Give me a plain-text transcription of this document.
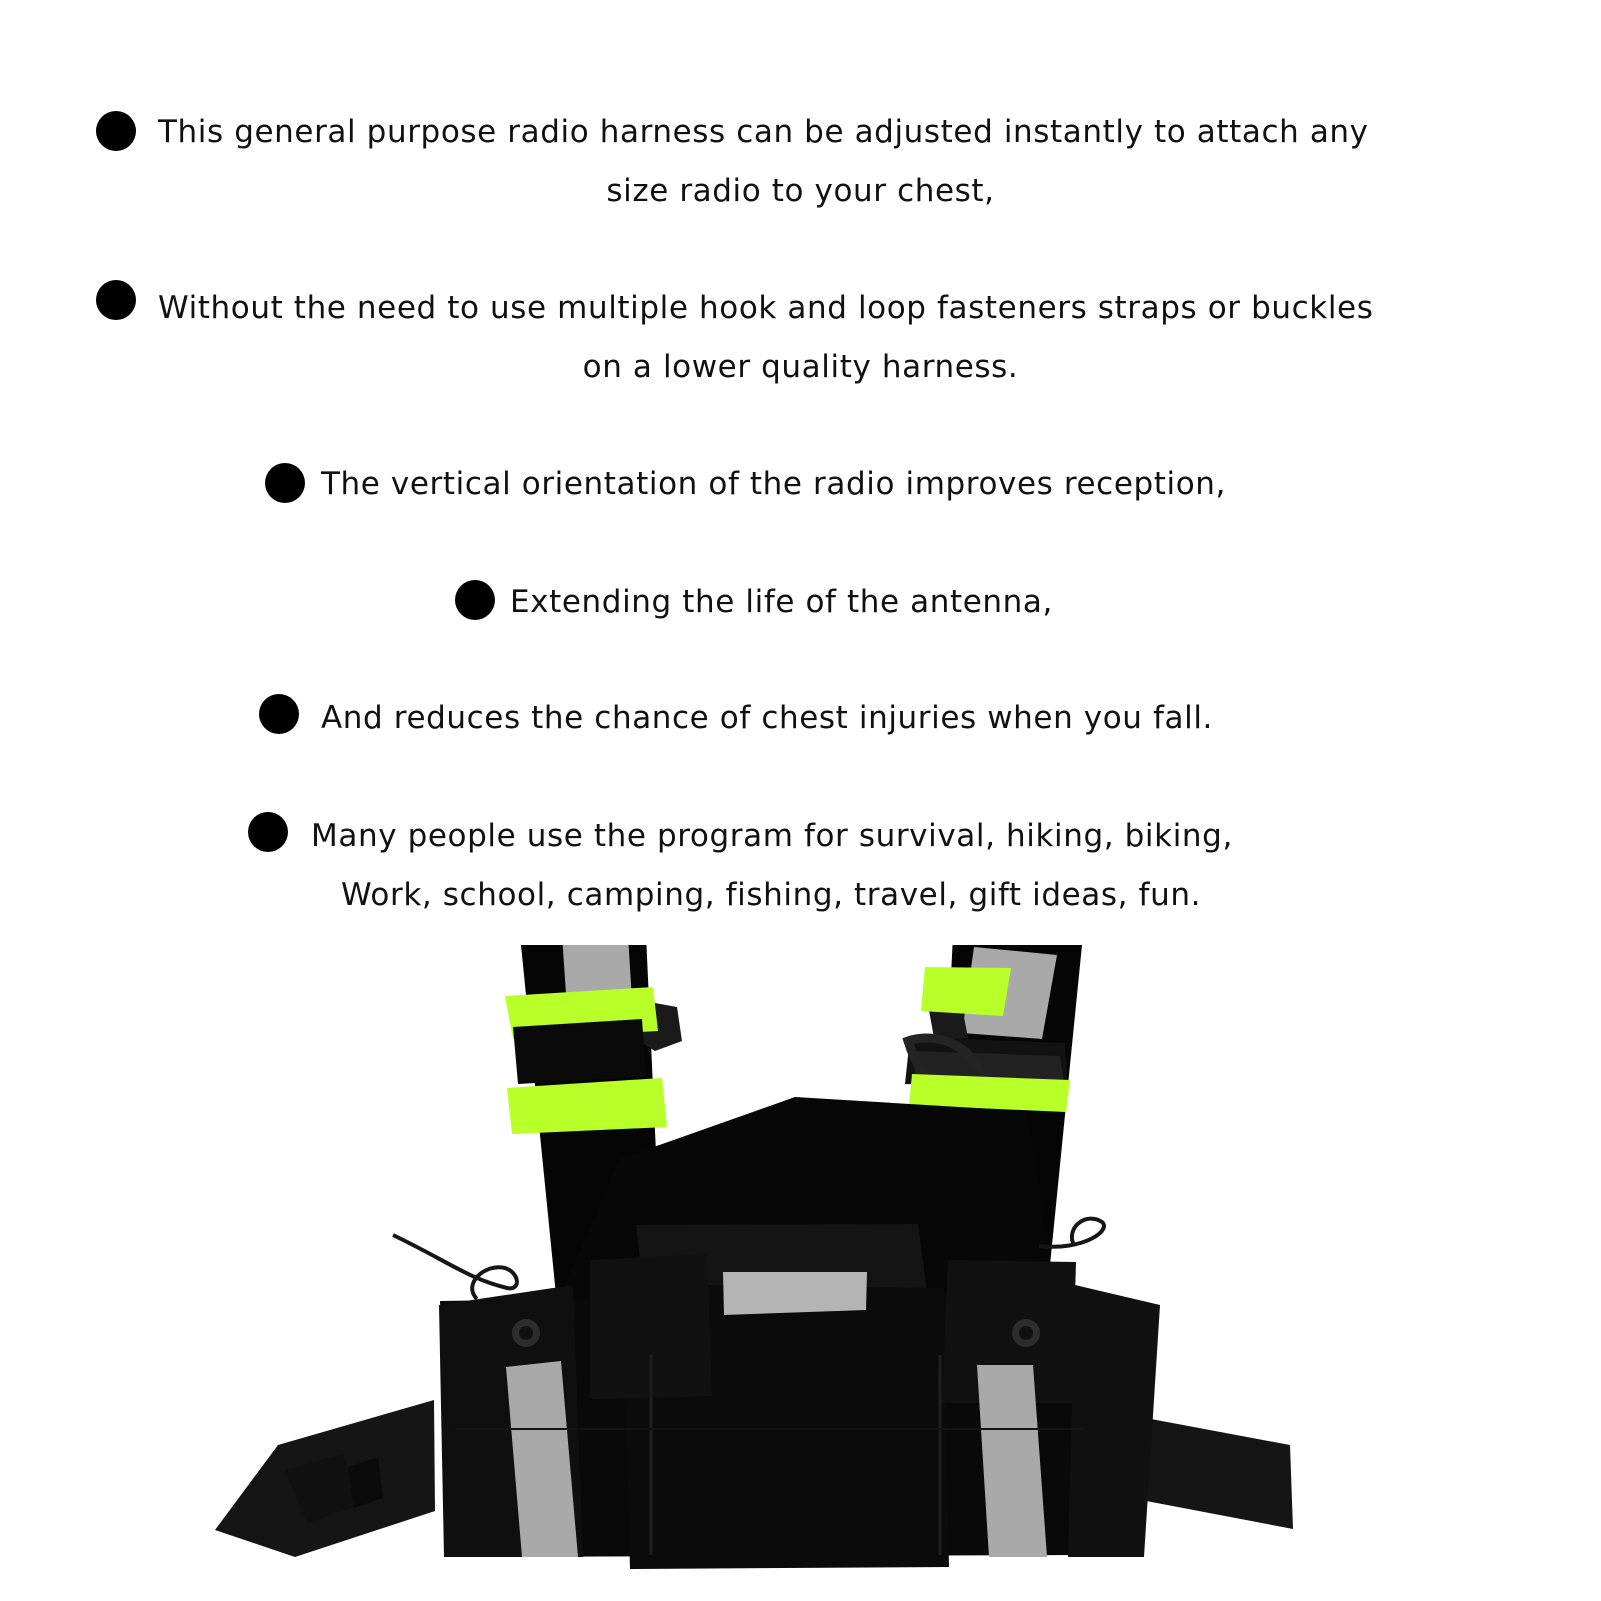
This general purpose radio harness can be adjusted instantly to attach any
size radio to your chest,
Without the need to use multiple hook and loop fasteners straps or buckles
on a lower quality harness.
The vertical orientation of the radio improves reception,
Extending the life of the antenna,
And reduces the chance of chest injuries when you fall.
Many people use the program for survival, hiking, biking,
Work, school, camping, fishing, travel, gift ideas, fun.
